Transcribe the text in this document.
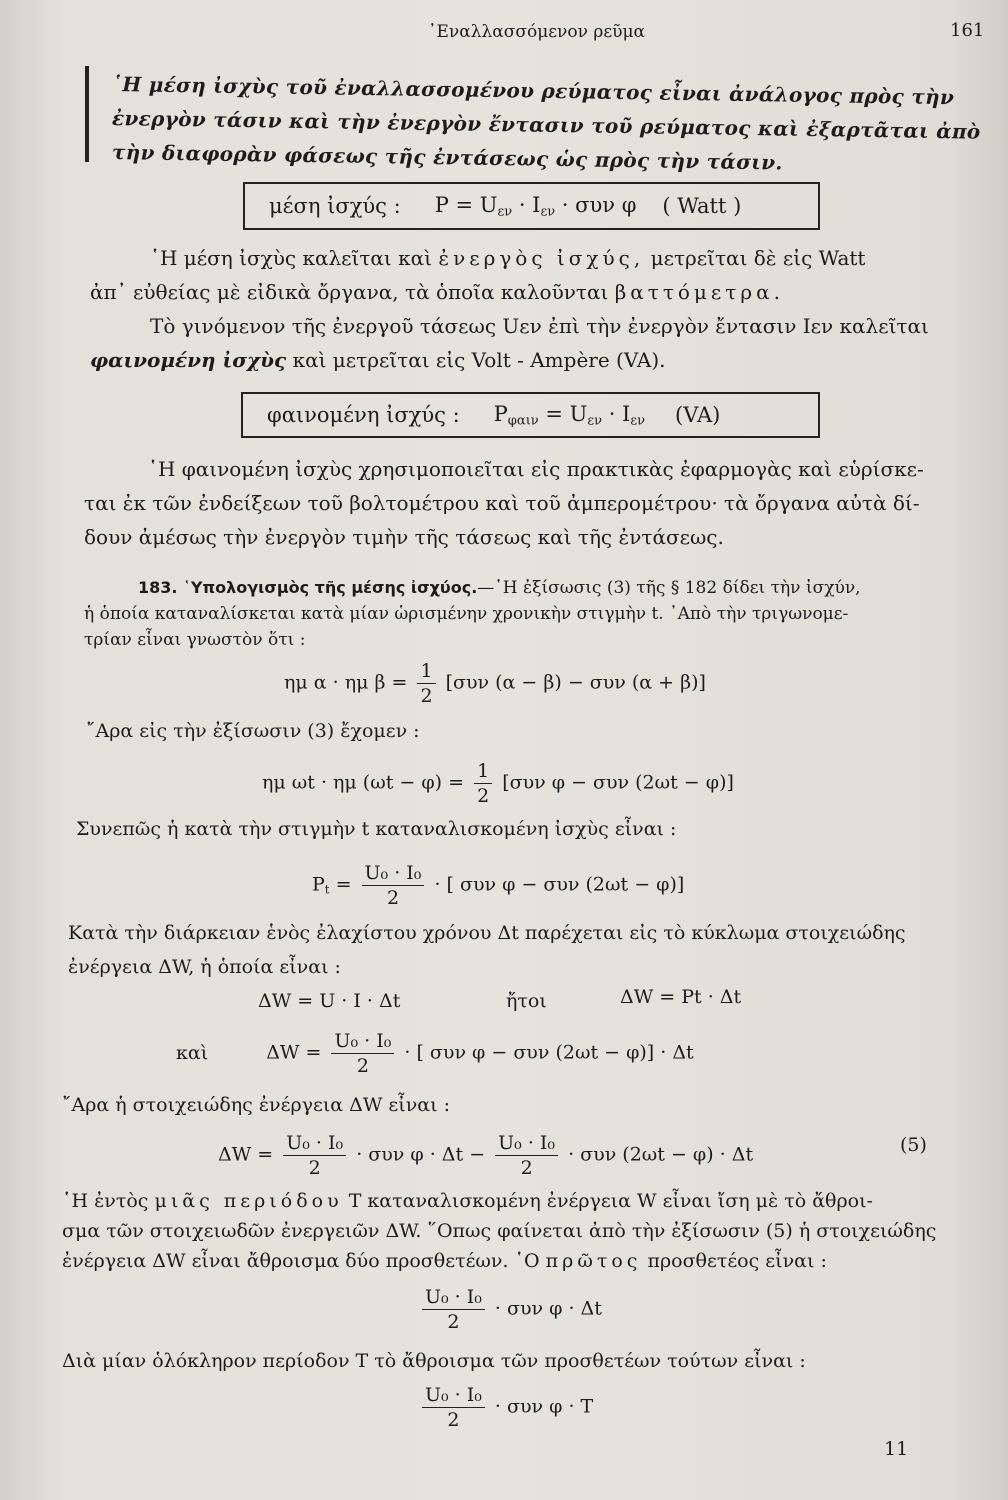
᾿Εναλλασσόμενον ρεῦμα	161
῾Η μέση ἰσχὺς τοῦ ἐναλλασσομένου ρεύματος εἶναι ἀνάλογος πρὸς τὴν
ἐνεργὸν τάσιν καὶ τὴν ἐνεργὸν ἔντασιν τοῦ ρεύματος καὶ ἐξαρτᾶται ἀπὸ
τὴν διαφορὰν φάσεως τῆς ἐντάσεως ὡς πρὸς τὴν τάσιν.
μέση ἰσχύς : $P = U_{\varepsilon\nu} \cdot I_{\varepsilon\nu} \cdot \sigma\upsilon\nu$ φ ( Watt )
῾Η μέση ἰσχὺς καλεῖται καὶ ἐνεργὸς ἰσχύς, μετρεῖται δὲ εἰς Watt
ἀπ᾿ εὐθείας μὲ εἰδικὰ ὄργανα, τὰ ὁποῖα καλοῦνται βαττόμετρα.
Τὸ γινόμενον τῆς ἐνεργοῦ τάσεως Uεν ἐπὶ τὴν ἐνεργὸν ἔντασιν Iεν καλεῖται
φαινομένη ἰσχὺς καὶ μετρεῖται εἰς Volt - Ampère (VA).
φαινομένη ἰσχύς : $P_{\varphi\alpha\iota\nu} = U_{\varepsilon\nu} \cdot I_{\varepsilon\nu}$ (VA)
῾Η φαινομένη ἰσχὺς χρησιμοποιεῖται εἰς πρακτικὰς ἐφαρμογὰς καὶ εὑρίσκε-
ται ἐκ τῶν ἐνδείξεων τοῦ βολτομέτρου καὶ τοῦ ἀμπερομέτρου· τὰ ὄργανα αὐτὰ δί-
δουν ἀμέσως τὴν ἐνεργὸν τιμὴν τῆς τάσεως καὶ τῆς ἐντάσεως.
183. ῾Υπολογισμὸς τῆς μέσης ἰσχύος.—῾Η ἐξίσωσις (3) τῆς § 182 δίδει τὴν ἰσχύν,
ἡ ὁποία καταναλίσκεται κατὰ μίαν ὡρισμένην χρονικὴν στιγμὴν t. ᾿Απὸ τὴν τριγωνομε-
τρίαν εἶναι γνωστὸν ὅτι :
ημ α · ημ $\beta = \frac{1}{2} [\sigma\upsilon\nu$ (α − β) − συν (α + β)]
῎Αρα εἰς τὴν ἐξίσωσιν (3) ἔχομεν :
ημ ωt · ημ $(\omega t - \varphi) = \frac{1}{2} [\sigma\upsilon\nu$ φ − συν (2ωt − φ)]
Συνεπῶς ἡ κατὰ τὴν στιγμὴν t καταναλισκομένη ἰσχὺς εἶναι :
$P_t = \frac{\text{U₀ · I₀}}{2}$ · [ συν φ − συν (2ωt − φ)]
Κατὰ τὴν διάρκειαν ἑνὸς ἐλαχίστου χρόνου Δt παρέχεται εἰς τὸ κύκλωμα στοιχειώδης
ἐνέργεια ΔW, ἡ ὁποία εἶναι :
ΔW = U · I · Δt	ἤτοι	ΔW = Pt · Δt
καὶ	$\Delta W = \frac{\text{U₀ · I₀}}{2}$ · [ συν φ − συν (2ωt − φ)] · Δt
῎Αρα ἡ στοιχειώδης ἐνέργεια ΔW εἶναι :
$\Delta W = \frac{\text{U₀ · I₀}}{2} \cdot \sigma\upsilon\nu$ $\varphi \cdot \Delta t - \frac{\text{U₀ · I₀}}{2} \cdot \sigma\upsilon\nu$ (2ωt − φ) · Δt	(5)
῾Η ἐντὸς μιᾶς περιόδου Τ καταναλισκομένη ἐνέργεια W εἶναι ἴση μὲ τὸ ἄθροι-
σμα τῶν στοιχειωδῶν ἐνεργειῶν ΔW. ῞Οπως φαίνεται ἀπὸ τὴν ἐξίσωσιν (5) ἡ στοιχειώδης
ἐνέργεια ΔW εἶναι ἄθροισμα δύο προσθετέων. ῾Ο πρῶτος προσθετέος εἶναι :
$\frac{\text{U₀ · I₀}}{2} \cdot \sigma\upsilon\nu$ φ · Δt
Διὰ μίαν ὁλόκληρον περίοδον Τ τὸ ἄθροισμα τῶν προσθετέων τούτων εἶναι :
$\frac{\text{U₀ · I₀}}{2} \cdot \sigma\upsilon\nu$ φ · T
11
